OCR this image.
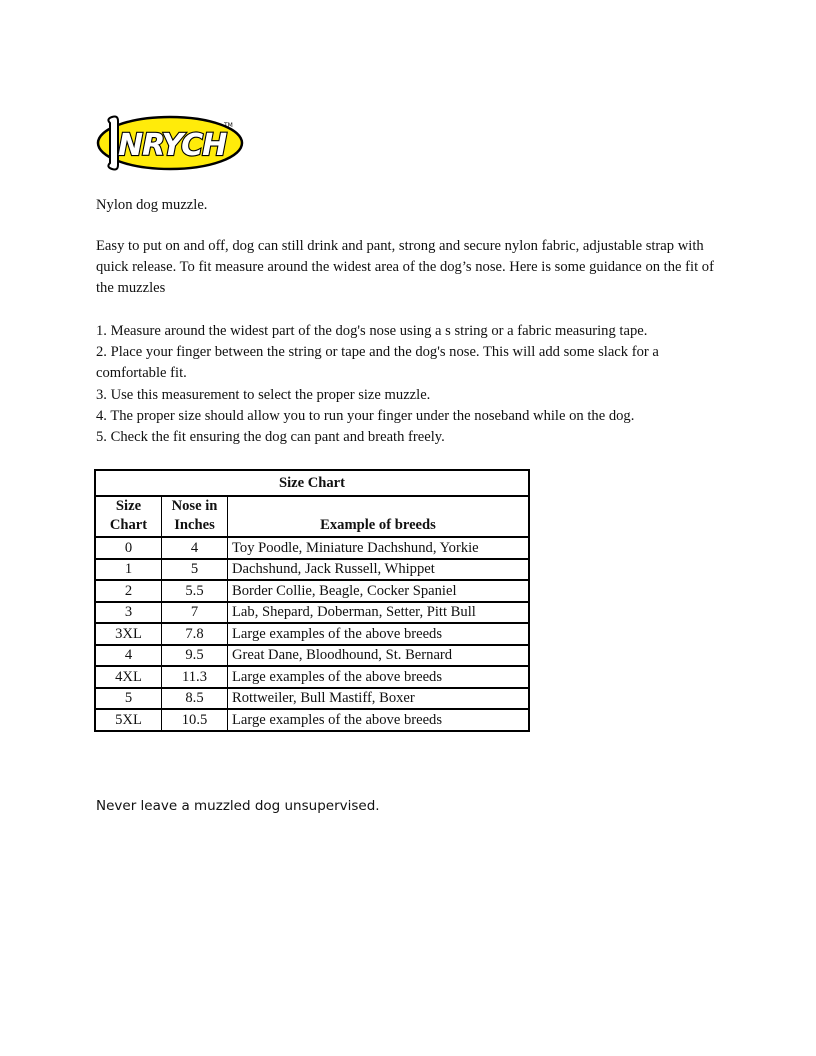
NRYCH
TM

Nylon dog muzzle.

Easy to put on and off, dog can still drink and pant, strong and secure nylon fabric, adjustable strap with quick release. To fit measure around the widest area of the dog’s nose. Here is some guidance on the fit of the muzzles

1. Measure around the widest part of the dog's nose using a s string or a fabric measuring tape.
2. Place your finger between the string or tape and the dog's nose. This will add some slack for a comfortable fit.
3. Use this measurement to select the proper size muzzle.
4. The proper size should allow you to run your finger under the noseband while on the dog.
5. Check the fit ensuring the dog can pant and breath freely.
Size Chart		
Size Chart	Nose in Inches	Example of breeds
0	4	Toy Poodle, Miniature Dachshund, Yorkie
1	5	Dachshund, Jack Russell, Whippet
2	5.5	Border Collie, Beagle, Cocker Spaniel
3	7	Lab, Shepard, Doberman, Setter, Pitt Bull
3XL	7.8	Large examples of the above breeds
4	9.5	Great Dane, Bloodhound, St. Bernard
4XL	11.3	Large examples of the above breeds
5	8.5	Rottweiler, Bull Mastiff, Boxer
5XL	10.5	Large examples of the above breeds

Never leave a muzzled dog unsupervised.
